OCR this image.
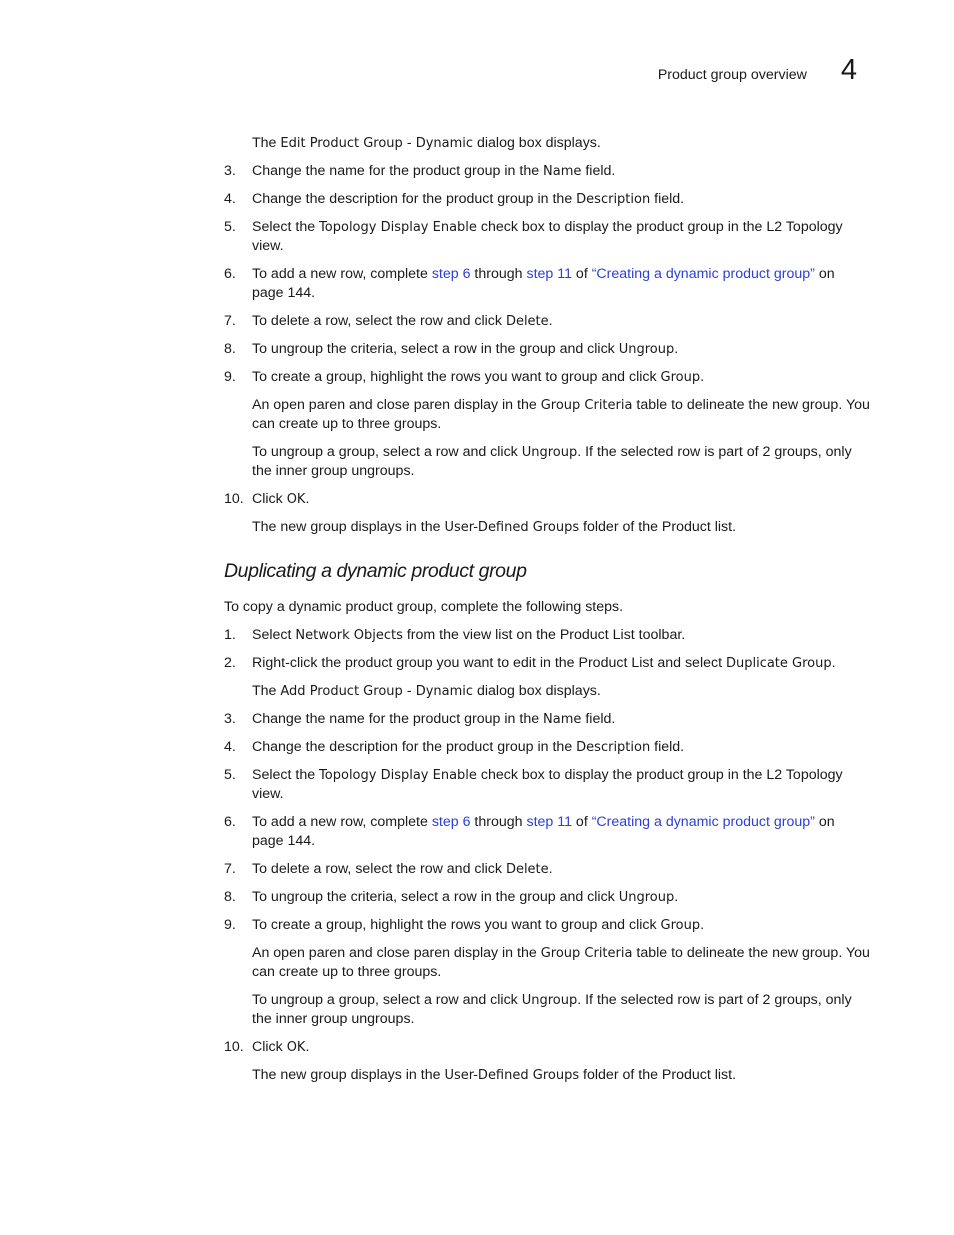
Product group overview 4
The Edit Product Group - Dynamic dialog box displays.
3. Change the name for the product group in the Name field.
4. Change the description for the product group in the Description field.
5. Select the Topology Display Enable check box to display the product group in the L2 Topology view.
6. To add a new row, complete step 6 through step 11 of “Creating a dynamic product group” on page 144.
7. To delete a row, select the row and click Delete.
8. To ungroup the criteria, select a row in the group and click Ungroup.
9. To create a group, highlight the rows you want to group and click Group.
An open paren and close paren display in the Group Criteria table to delineate the new group. You can create up to three groups.
To ungroup a group, select a row and click Ungroup. If the selected row is part of 2 groups, only the inner group ungroups.
10. Click OK.
The new group displays in the User-Defined Groups folder of the Product list.
Duplicating a dynamic product group
To copy a dynamic product group, complete the following steps.
1. Select Network Objects from the view list on the Product List toolbar.
2. Right-click the product group you want to edit in the Product List and select Duplicate Group.
The Add Product Group - Dynamic dialog box displays.
3. Change the name for the product group in the Name field.
4. Change the description for the product group in the Description field.
5. Select the Topology Display Enable check box to display the product group in the L2 Topology view.
6. To add a new row, complete step 6 through step 11 of “Creating a dynamic product group” on page 144.
7. To delete a row, select the row and click Delete.
8. To ungroup the criteria, select a row in the group and click Ungroup.
9. To create a group, highlight the rows you want to group and click Group.
An open paren and close paren display in the Group Criteria table to delineate the new group. You can create up to three groups.
To ungroup a group, select a row and click Ungroup. If the selected row is part of 2 groups, only the inner group ungroups.
10. Click OK.
The new group displays in the User-Defined Groups folder of the Product list.
